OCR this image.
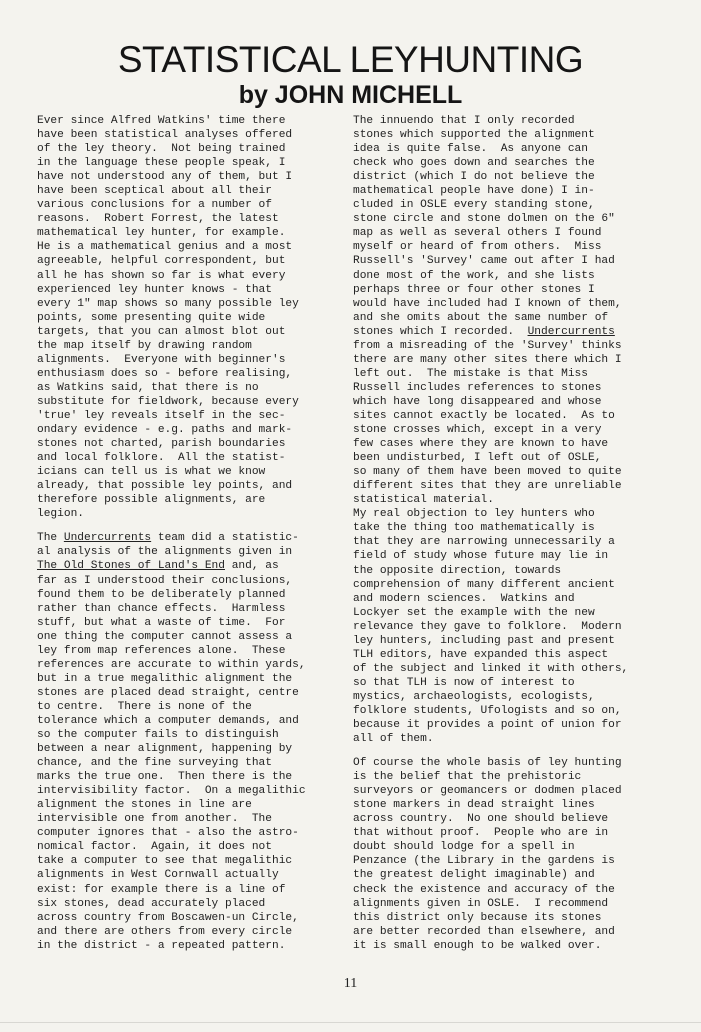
STATISTICAL LEYHUNTING
by JOHN MICHELL
Ever since Alfred Watkins' time there
have been statistical analyses offered
of the ley theory.  Not being trained
in the language these people speak, I
have not understood any of them, but I
have been sceptical about all their
various conclusions for a number of
reasons.  Robert Forrest, the latest
mathematical ley hunter, for example.
He is a mathematical genius and a most
agreeable, helpful correspondent, but
all he has shown so far is what every
experienced ley hunter knows - that
every 1" map shows so many possible ley
points, some presenting quite wide
targets, that you can almost blot out
the map itself by drawing random
alignments.  Everyone with beginner's
enthusiasm does so - before realising,
as Watkins said, that there is no
substitute for fieldwork, because every
'true' ley reveals itself in the sec-
ondary evidence - e.g. paths and mark-
stones not charted, parish boundaries
and local folklore.  All the statist-
icians can tell us is what we know
already, that possible ley points, and
therefore possible alignments, are
legion.
The Undercurrents team did a statistic-
al analysis of the alignments given in
The Old Stones of Land's End and, as
far as I understood their conclusions,
found them to be deliberately planned
rather than chance effects.  Harmless
stuff, but what a waste of time.  For
one thing the computer cannot assess a
ley from map references alone.  These
references are accurate to within yards,
but in a true megalithic alignment the
stones are placed dead straight, centre
to centre.  There is none of the
tolerance which a computer demands, and
so the computer fails to distinguish
between a near alignment, happening by
chance, and the fine surveying that
marks the true one.  Then there is the
intervisibility factor.  On a megalithic
alignment the stones in line are
intervisible one from another.  The
computer ignores that - also the astro-
nomical factor.  Again, it does not
take a computer to see that megalithic
alignments in West Cornwall actually
exist: for example there is a line of
six stones, dead accurately placed
across country from Boscawen-un Circle,
and there are others from every circle
in the district - a repeated pattern.
The innuendo that I only recorded
stones which supported the alignment
idea is quite false.  As anyone can
check who goes down and searches the
district (which I do not believe the
mathematical people have done) I in-
cluded in OSLE every standing stone,
stone circle and stone dolmen on the 6"
map as well as several others I found
myself or heard of from others.  Miss
Russell's 'Survey' came out after I had
done most of the work, and she lists
perhaps three or four other stones I
would have included had I known of them,
and she omits about the same number of
stones which I recorded.  Undercurrents
from a misreading of the 'Survey' thinks
there are many other sites there which I
left out.  The mistake is that Miss
Russell includes references to stones
which have long disappeared and whose
sites cannot exactly be located.  As to
stone crosses which, except in a very
few cases where they are known to have
been undisturbed, I left out of OSLE,
so many of them have been moved to quite
different sites that they are unreliable
statistical material.
My real objection to ley hunters who
take the thing too mathematically is
that they are narrowing unnecessarily a
field of study whose future may lie in
the opposite direction, towards
comprehension of many different ancient
and modern sciences.  Watkins and
Lockyer set the example with the new
relevance they gave to folklore.  Modern
ley hunters, including past and present
TLH editors, have expanded this aspect
of the subject and linked it with others,
so that TLH is now of interest to
mystics, archaeologists, ecologists,
folklore students, Ufologists and so on,
because it provides a point of union for
all of them.
Of course the whole basis of ley hunting
is the belief that the prehistoric
surveyors or geomancers or dodmen placed
stone markers in dead straight lines
across country.  No one should believe
that without proof.  People who are in
doubt should lodge for a spell in
Penzance (the Library in the gardens is
the greatest delight imaginable) and
check the existence and accuracy of the
alignments given in OSLE.  I recommend
this district only because its stones
are better recorded than elsewhere, and
it is small enough to be walked over.
11
